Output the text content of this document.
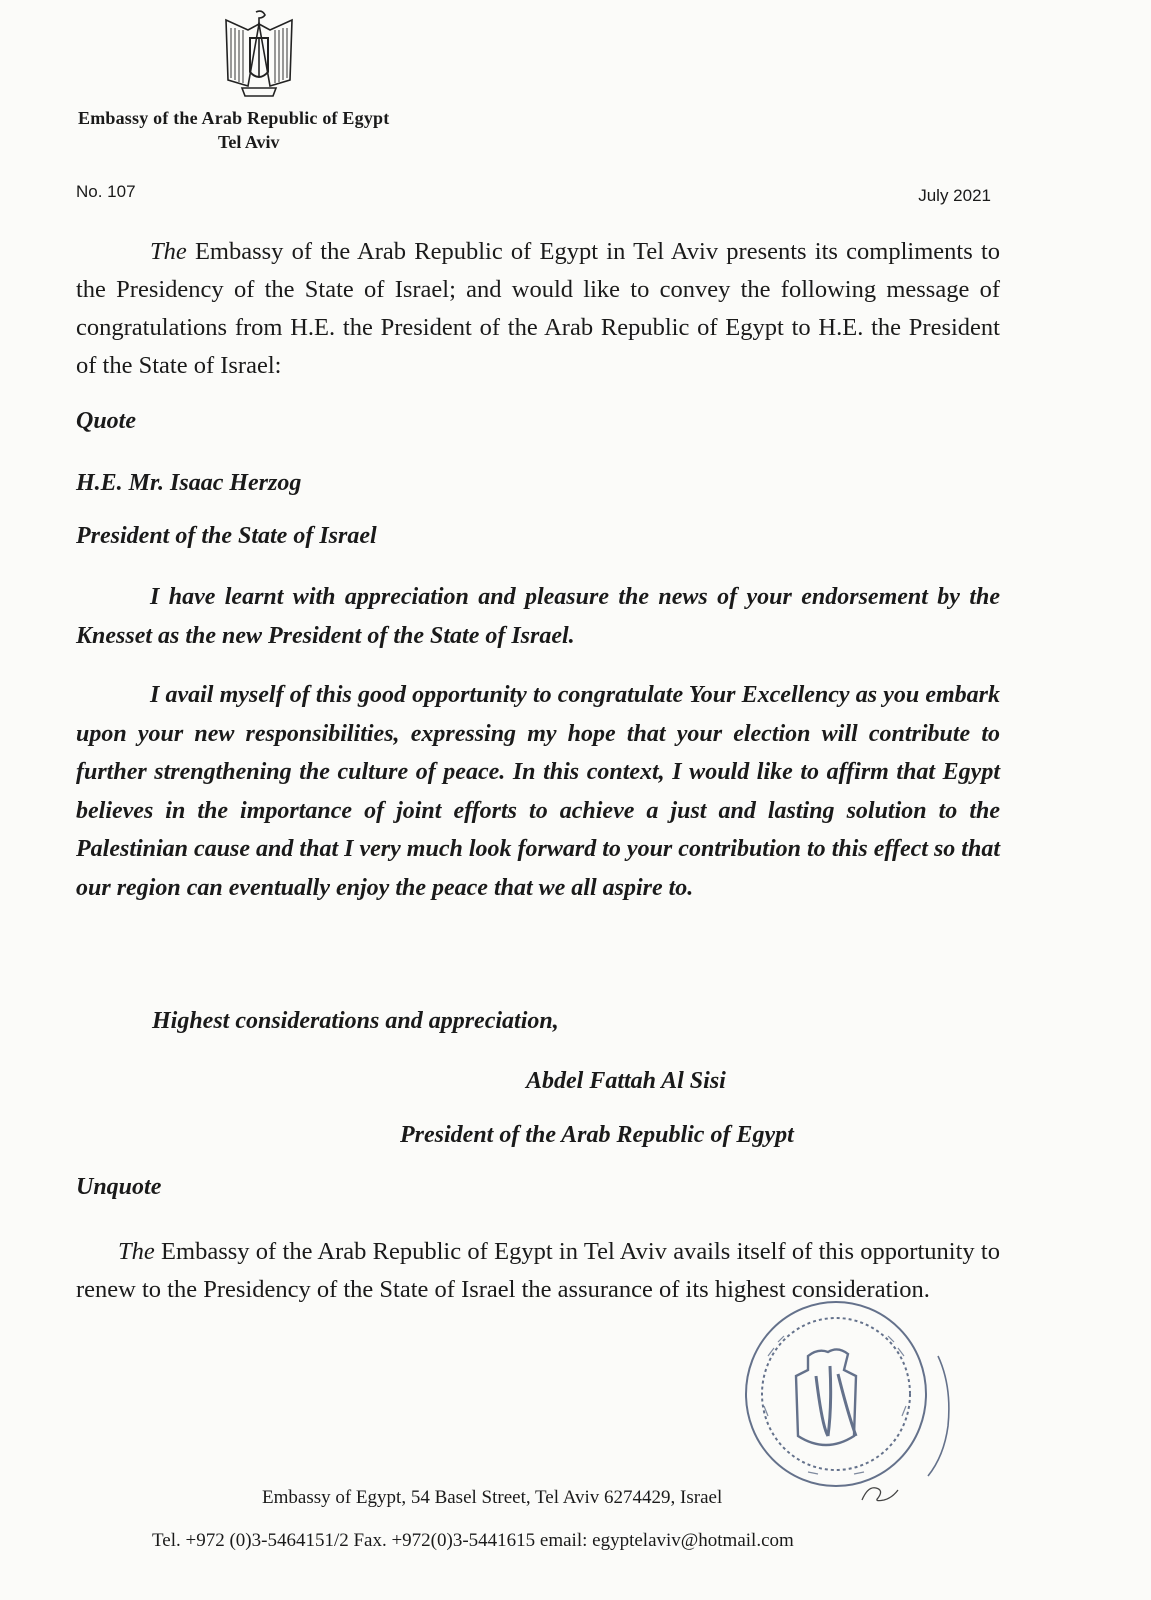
Embassy of the Arab Republic of Egypt
Tel Aviv
No. 107	July 2021
The Embassy of the Arab Republic of Egypt in Tel Aviv presents its compliments to the Presidency of the State of Israel; and would like to convey the following message of congratulations from H.E. the President of the Arab Republic of Egypt to H.E. the President of the State of Israel:
Quote
H.E. Mr. Isaac Herzog
President of the State of Israel
I have learnt with appreciation and pleasure the news of your endorsement by the Knesset as the new President of the State of Israel.
I avail myself of this good opportunity to congratulate Your Excellency as you embark upon your new responsibilities, expressing my hope that your election will contribute to further strengthening the culture of peace. In this context, I would like to affirm that Egypt believes in the importance of joint efforts to achieve a just and lasting solution to the Palestinian cause and that I very much look forward to your contribution to this effect so that our region can eventually enjoy the peace that we all aspire to.
Highest considerations and appreciation,
Abdel Fattah Al Sisi
President of the Arab Republic of Egypt
Unquote
The Embassy of the Arab Republic of Egypt in Tel Aviv avails itself of this opportunity to renew to the Presidency of the State of Israel the assurance of its highest consideration.
Embassy of Egypt, 54 Basel Street, Tel Aviv 6274429, Israel
Tel. +972 (0)3-5464151/2 Fax. +972(0)3-5441615 email: egyptelaviv@hotmail.com
